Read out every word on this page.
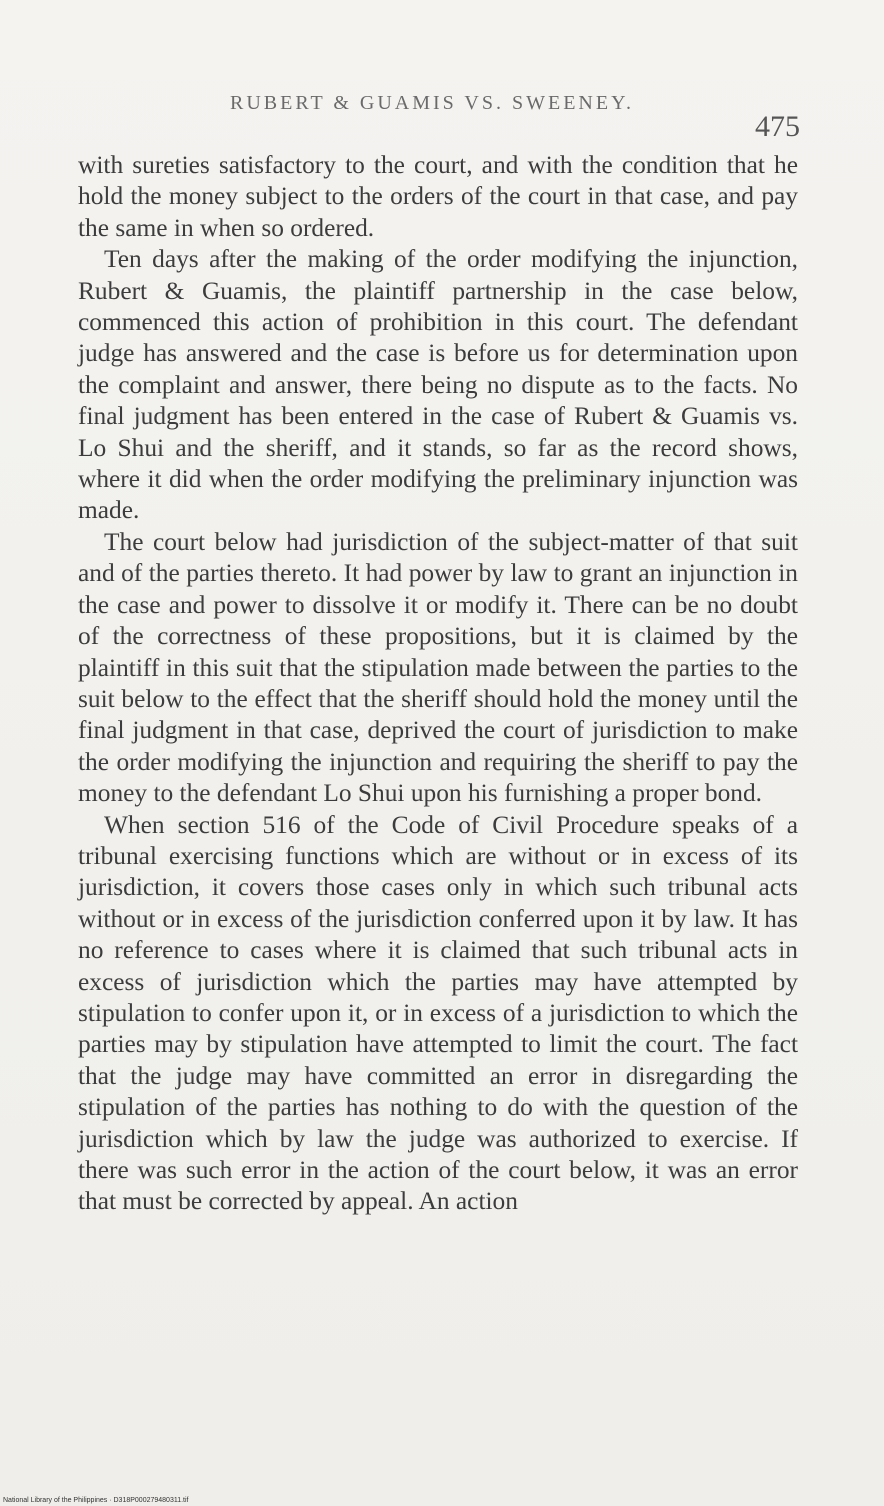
RUBERT & GUAMIS VS. SWEENEY.
475

with sureties satisfactory to the court, and with the condition that he hold the money subject to the orders of the court in that case, and pay the same in when so ordered.

Ten days after the making of the order modifying the injunction, Rubert & Guamis, the plaintiff partnership in the case below, commenced this action of prohibition in this court. The defendant judge has answered and the case is before us for determination upon the complaint and answer, there being no dispute as to the facts. No final judgment has been entered in the case of Rubert & Guamis vs. Lo Shui and the sheriff, and it stands, so far as the record shows, where it did when the order modifying the preliminary injunction was made.

The court below had jurisdiction of the subject-matter of that suit and of the parties thereto. It had power by law to grant an injunction in the case and power to dissolve it or modify it. There can be no doubt of the correctness of these propositions, but it is claimed by the plaintiff in this suit that the stipulation made between the parties to the suit below to the effect that the sheriff should hold the money until the final judgment in that case, deprived the court of jurisdiction to make the order modifying the injunction and requiring the sheriff to pay the money to the defendant Lo Shui upon his furnishing a proper bond.

When section 516 of the Code of Civil Procedure speaks of a tribunal exercising functions which are without or in excess of its jurisdiction, it covers those cases only in which such tribunal acts without or in excess of the jurisdiction conferred upon it by law. It has no reference to cases where it is claimed that such tribunal acts in excess of jurisdiction which the parties may have attempted by stipulation to confer upon it, or in excess of a jurisdiction to which the parties may by stipulation have attempted to limit the court. The fact that the judge may have committed an error in disregarding the stipulation of the parties has nothing to do with the question of the jurisdiction which by law the judge was authorized to exercise. If there was such error in the action of the court below, it was an error that must be corrected by appeal. An action

National Library of the Philippines · D318P000279480311.tif
